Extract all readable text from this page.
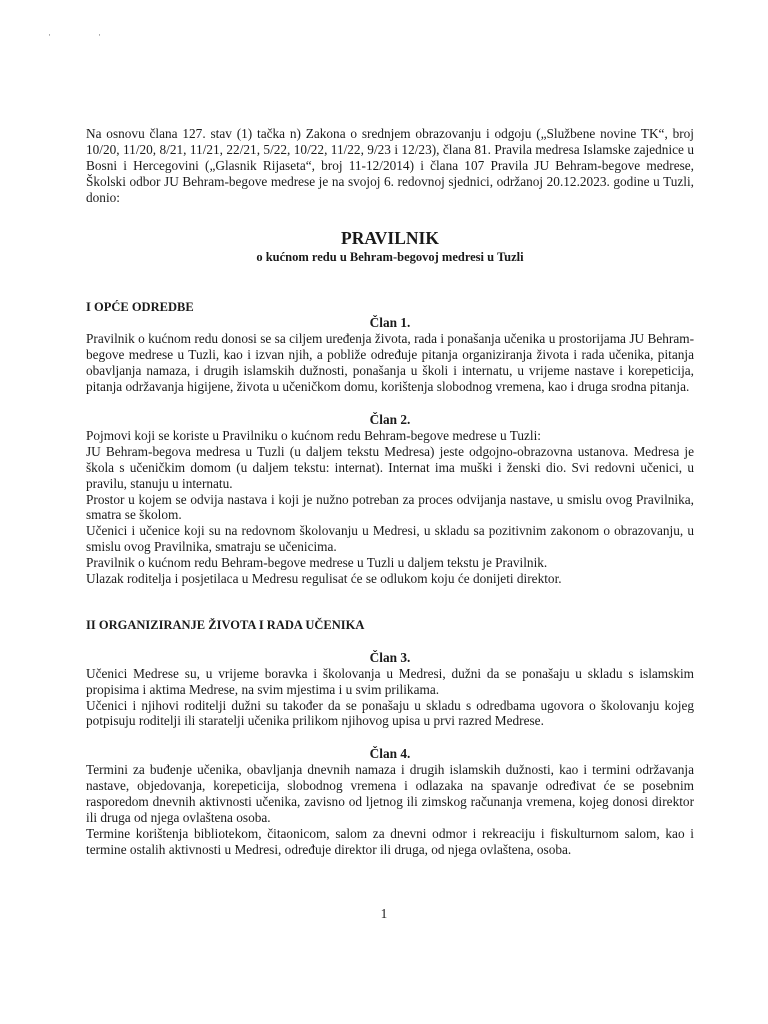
·	·

Na osnovu člana 127. stav (1) tačka n) Zakona o srednjem obrazovanju i odgoju („Službene novine TK“, broj 10/20, 11/20, 8/21, 11/21, 22/21, 5/22, 10/22, 11/22, 9/23 i 12/23), člana 81. Pravila medresa Islamske zajednice u Bosni i Hercegovini („Glasnik Rijaseta“, broj 11-12/2014) i člana 107 Pravila JU Behram-begove medrese, Školski odbor JU Behram-begove medrese je na svojoj 6. redovnoj sjednici, održanoj 20.12.2023. godine u Tuzli, donio:

PRAVILNIK

o kućnom redu u Behram-begovoj medresi u Tuzli

I OPĆE ODREDBE

Član 1.

Pravilnik o kućnom redu donosi se sa ciljem uređenja života, rada i ponašanja učenika u prostorijama JU Behram-begove medrese u Tuzli, kao i izvan njih, a pobliže određuje pitanja organiziranja života i rada učenika, pitanja obavljanja namaza, i drugih islamskih dužnosti, ponašanja u školi i internatu, u vrijeme nastave i korepeticija, pitanja održavanja higijene, života u učeničkom domu, korištenja slobodnog vremena, kao i druga srodna pitanja.

Član 2.

Pojmovi koji se koriste u Pravilniku o kućnom redu Behram-begove medrese u Tuzli:

JU Behram-begova medresa u Tuzli (u daljem tekstu Medresa) jeste odgojno-obrazovna ustanova. Medresa je škola s učeničkim domom (u daljem tekstu: internat). Internat ima muški i ženski dio. Svi redovni učenici, u pravilu, stanuju u internatu.

Prostor u kojem se odvija nastava i koji je nužno potreban za proces odvijanja nastave, u smislu ovog Pravilnika, smatra se školom.

Učenici i učenice koji su na redovnom školovanju u Medresi, u skladu sa pozitivnim zakonom o obrazovanju, u smislu ovog Pravilnika, smatraju se učenicima.

Pravilnik o kućnom redu Behram-begove medrese u Tuzli u daljem tekstu je Pravilnik.

Ulazak roditelja i posjetilaca u Medresu regulisat će se odlukom koju će donijeti direktor.

II ORGANIZIRANJE ŽIVOTA I RADA UČENIKA

Član 3.

Učenici Medrese su, u vrijeme boravka i školovanja u Medresi, dužni da se ponašaju u skladu s islamskim propisima i aktima Medrese, na svim mjestima i u svim prilikama.

Učenici i njihovi roditelji dužni su također da se ponašaju u skladu s odredbama ugovora o školovanju kojeg potpisuju roditelji ili staratelji učenika prilikom njihovog upisa u prvi razred Medrese.

Član 4.

Termini za buđenje učenika, obavljanja dnevnih namaza i drugih islamskih dužnosti, kao i termini održavanja nastave, objedovanja, korepeticija, slobodnog vremena i odlazaka na spavanje određivat će se posebnim rasporedom dnevnih aktivnosti učenika, zavisno od ljetnog ili zimskog računanja vremena, kojeg donosi direktor ili druga od njega ovlaštena osoba.

Termine korištenja bibliotekom, čitaonicom, salom za dnevni odmor i rekreaciju i fiskulturnom salom, kao i termine ostalih aktivnosti u Medresi, određuje direktor ili druga, od njega ovlaštena, osoba.

1
